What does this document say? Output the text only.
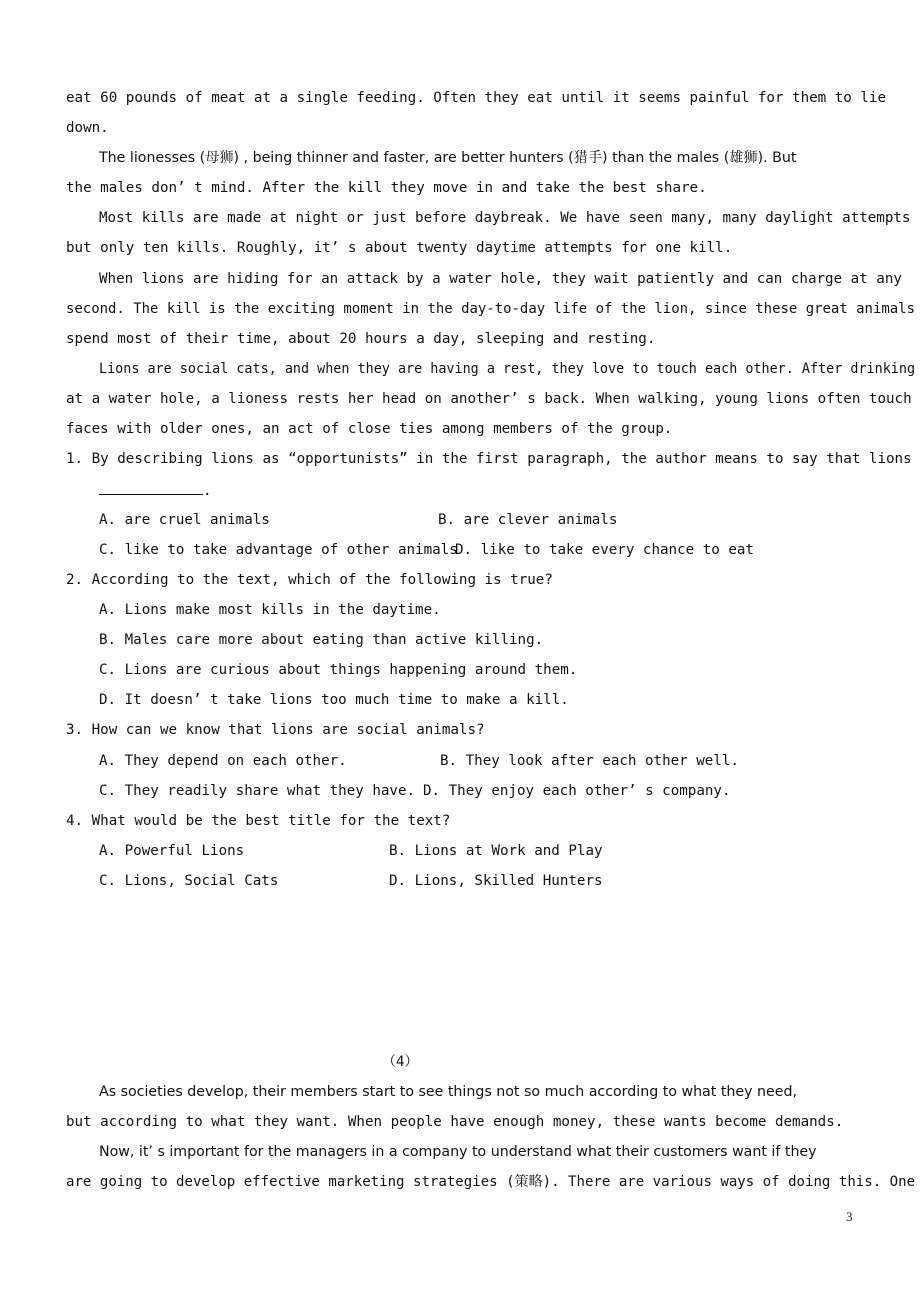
eat 60 pounds of meat at a single feeding. Often they eat until it seems painful for them to lie
down.
The lionesses (母狮) , being thinner and faster, are better hunters (猎手) than the males (雄狮). But
the males don’ t mind. After the kill they move in and take the best share.
Most kills are made at night or just before daybreak. We have seen many, many daylight attempts
but only ten kills. Roughly, it’ s about twenty daytime attempts for one kill.
When lions are hiding for an attack by a water hole, they wait patiently and can charge at any
second. The kill is the exciting moment in the day-to-day life of the lion, since these great animals
spend most of their time, about 20 hours a day, sleeping and resting.
Lions are social cats, and when they are having a rest, they love to touch each other. After drinking
at a water hole, a lioness rests her head on another’ s back. When walking, young lions often touch
faces with older ones, an act of close ties among members of the group.
1. By describing lions as “opportunists” in the first paragraph, the author means to say that lions
.
A. are cruel animals	B. are clever animals
C. like to take advantage of other animals
D. like to take every chance to eat
2. According to the text, which of the following is true?
A. Lions make most kills in the daytime.
B. Males care more about eating than active killing.
C. Lions are curious about things happening around them.
D. It doesn’ t take lions too much time to make a kill.
3. How can we know that lions are social animals?
A. They depend on each other.	B. They look after each other well.
C. They readily share what they have. D. They enjoy each other’ s company.
4. What would be the best title for the text?
A. Powerful Lions	B. Lions at Work and Play
C. Lions, Social Cats	D. Lions, Skilled Hunters
（4）
As societies develop, their members start to see things not so much according to what they need,
but according to what they want. When people have enough money, these wants become demands.
Now, it’ s important for the managers in a company to understand what their customers want if they
are going to develop effective marketing strategies (策略). There are various ways of doing this. One
3
